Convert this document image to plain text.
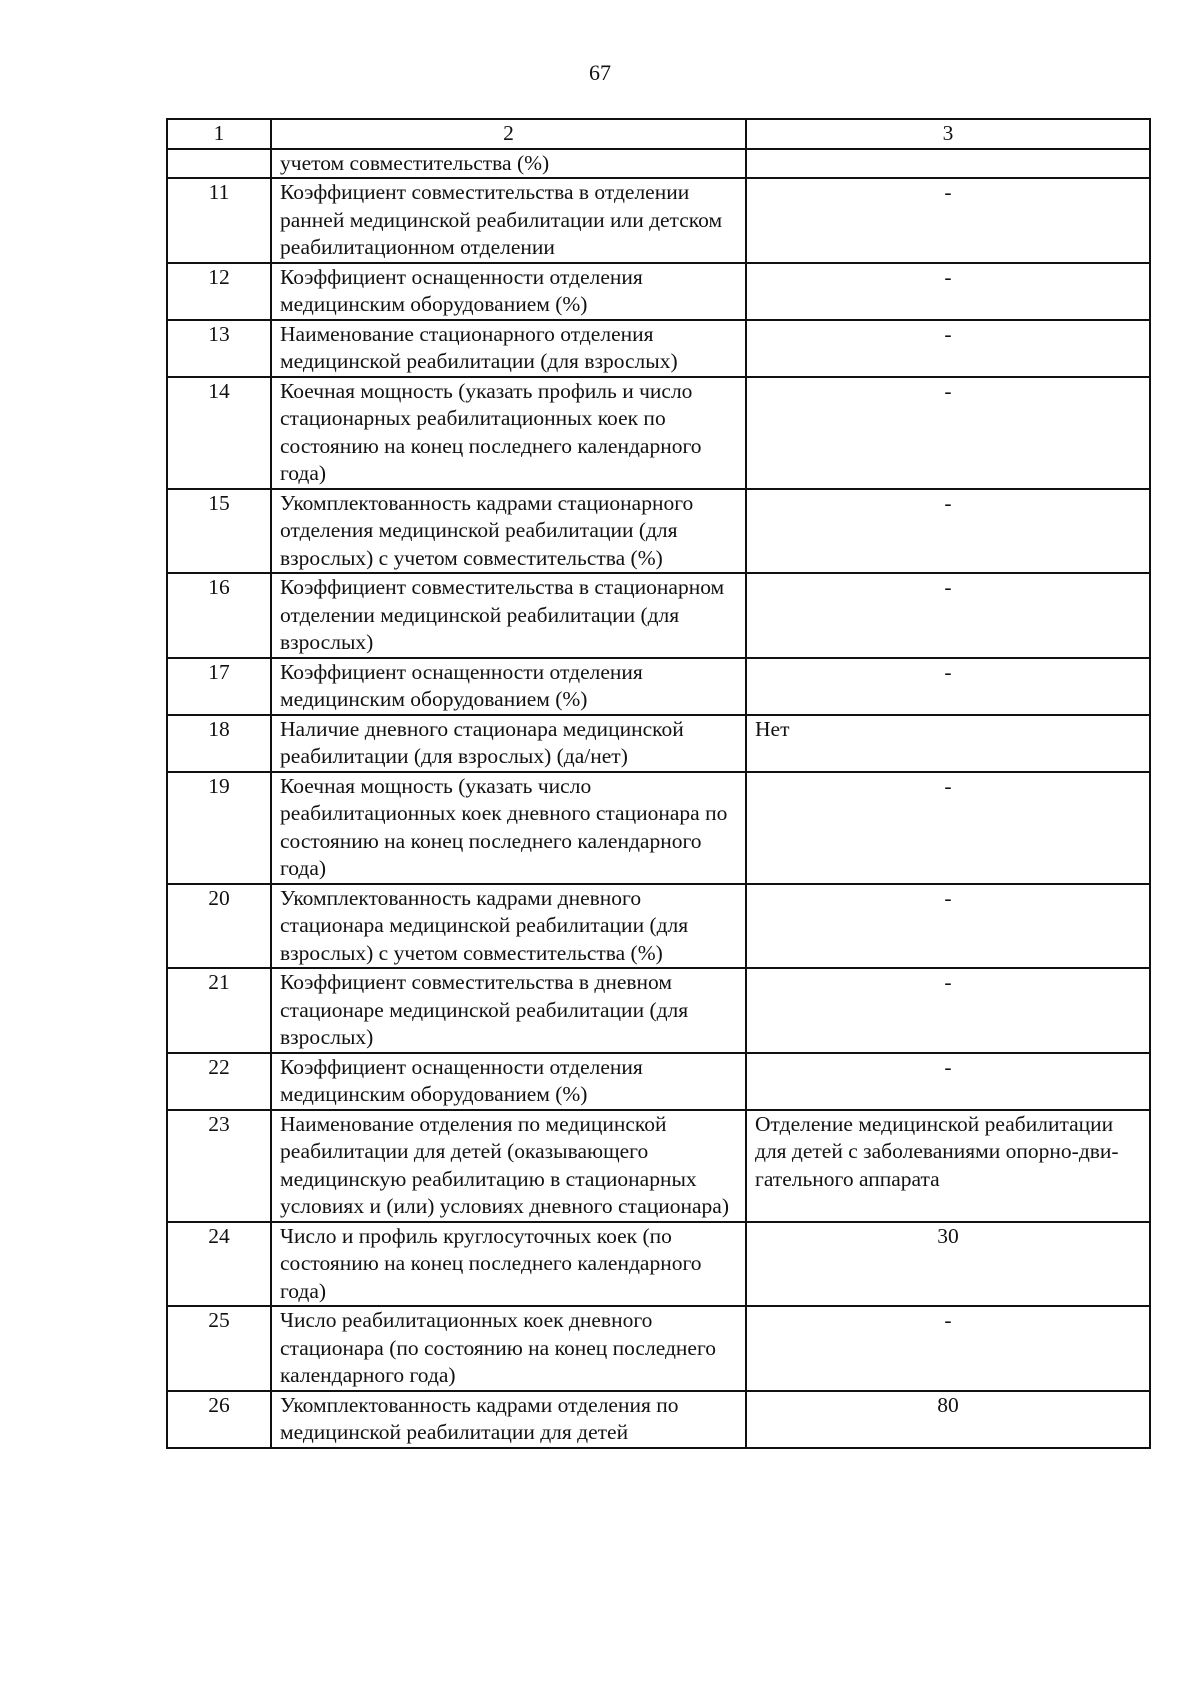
67
1	2	3
	учетом совместительства (%)	
11	Коэффициент совместительства в отделении ранней медицинской реабилитации или детском реабилитационном отделении	-
12	Коэффициент оснащенности отделения медицинским оборудованием (%)	-
13	Наименование стационарного отделения медицинской реабилитации (для взрослых)	-
14	Коечная мощность (указать профиль и число стационарных реабилитационных коек по состоянию на конец последнего календарного года)	-
15	Укомплектованность кадрами стационарного отделения медицинской реабилитации (для взрослых) с учетом совместительства (%)	-
16	Коэффициент совместительства в стационарном отделении медицинской реабилитации (для взрослых)	-
17	Коэффициент оснащенности отделения медицинским оборудованием (%)	-
18	Наличие дневного стационара медицинской реабилитации (для взрослых) (да/нет)	Нет
19	Коечная мощность (указать число реабилитационных коек дневного стационара по состоянию на конец последнего календарного года)	-
20	Укомплектованность кадрами дневного стационара медицинской реабилитации (для взрослых) с учетом совместительства (%)	-
21	Коэффициент совместительства в дневном стационаре медицинской реабилитации (для взрослых)	-
22	Коэффициент оснащенности отделения медицинским оборудованием (%)	-
23	Наименование отделения по медицинской реабилитации для детей (оказывающего медицинскую реабилитацию в стационарных условиях и (или) условиях дневного стационара)	Отделение медицинской реабилитации для детей с заболеваниями опорно-дви-гательного аппарата
24	Число и профиль круглосуточных коек (по состоянию на конец последнего календарного года)	30
25	Число реабилитационных коек дневного стационара (по состоянию на конец последнего календарного года)	-
26	Укомплектованность кадрами отделения по медицинской реабилитации для детей	80
